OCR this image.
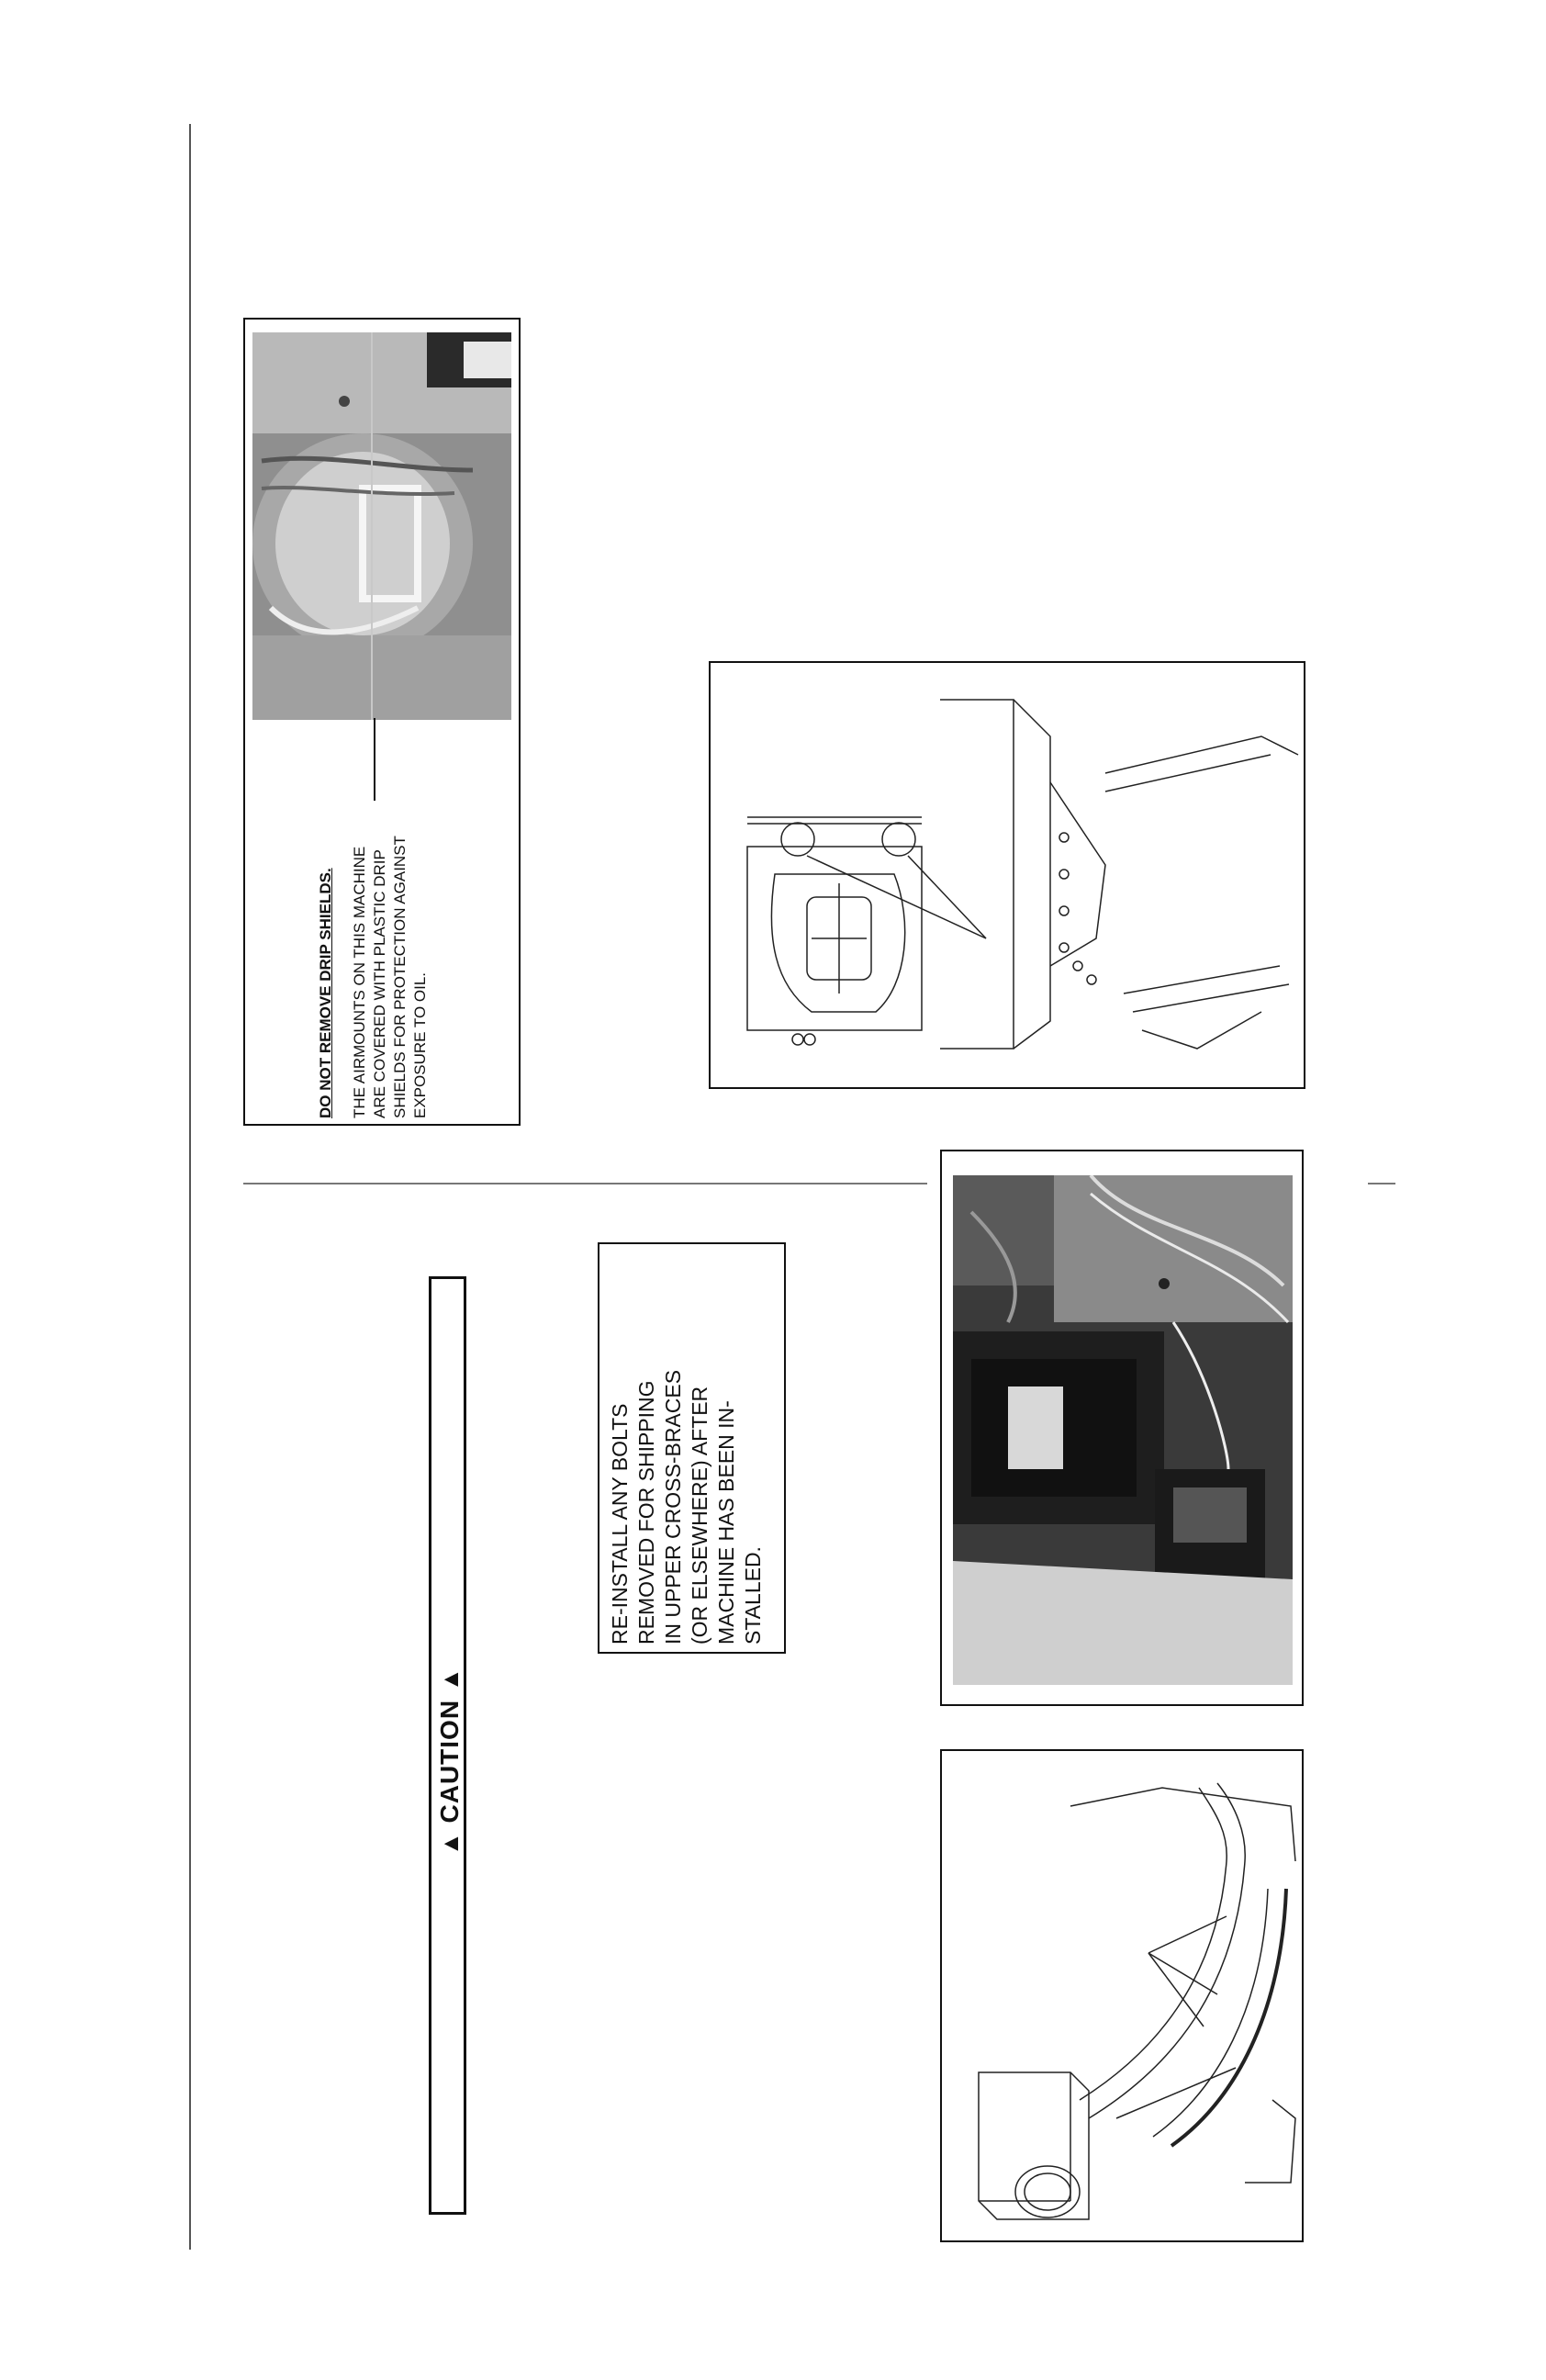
DO NOT REMOVE DRIP SHIELDS. THE AIRMOUNTS ON THIS MACHINE ARE COVERED WITH PLASTIC DRIP SHIELDS FOR PROTECTION AGAINST EXPOSURE TO OIL.
▲ CAUTION ▲
RE-INSTALL ANY BOLTS REMOVED FOR SHIPPING IN UPPER CROSS-BRACES (OR ELSEWHERE) AFTER MACHINE HAS BEEN IN- STALLED.
